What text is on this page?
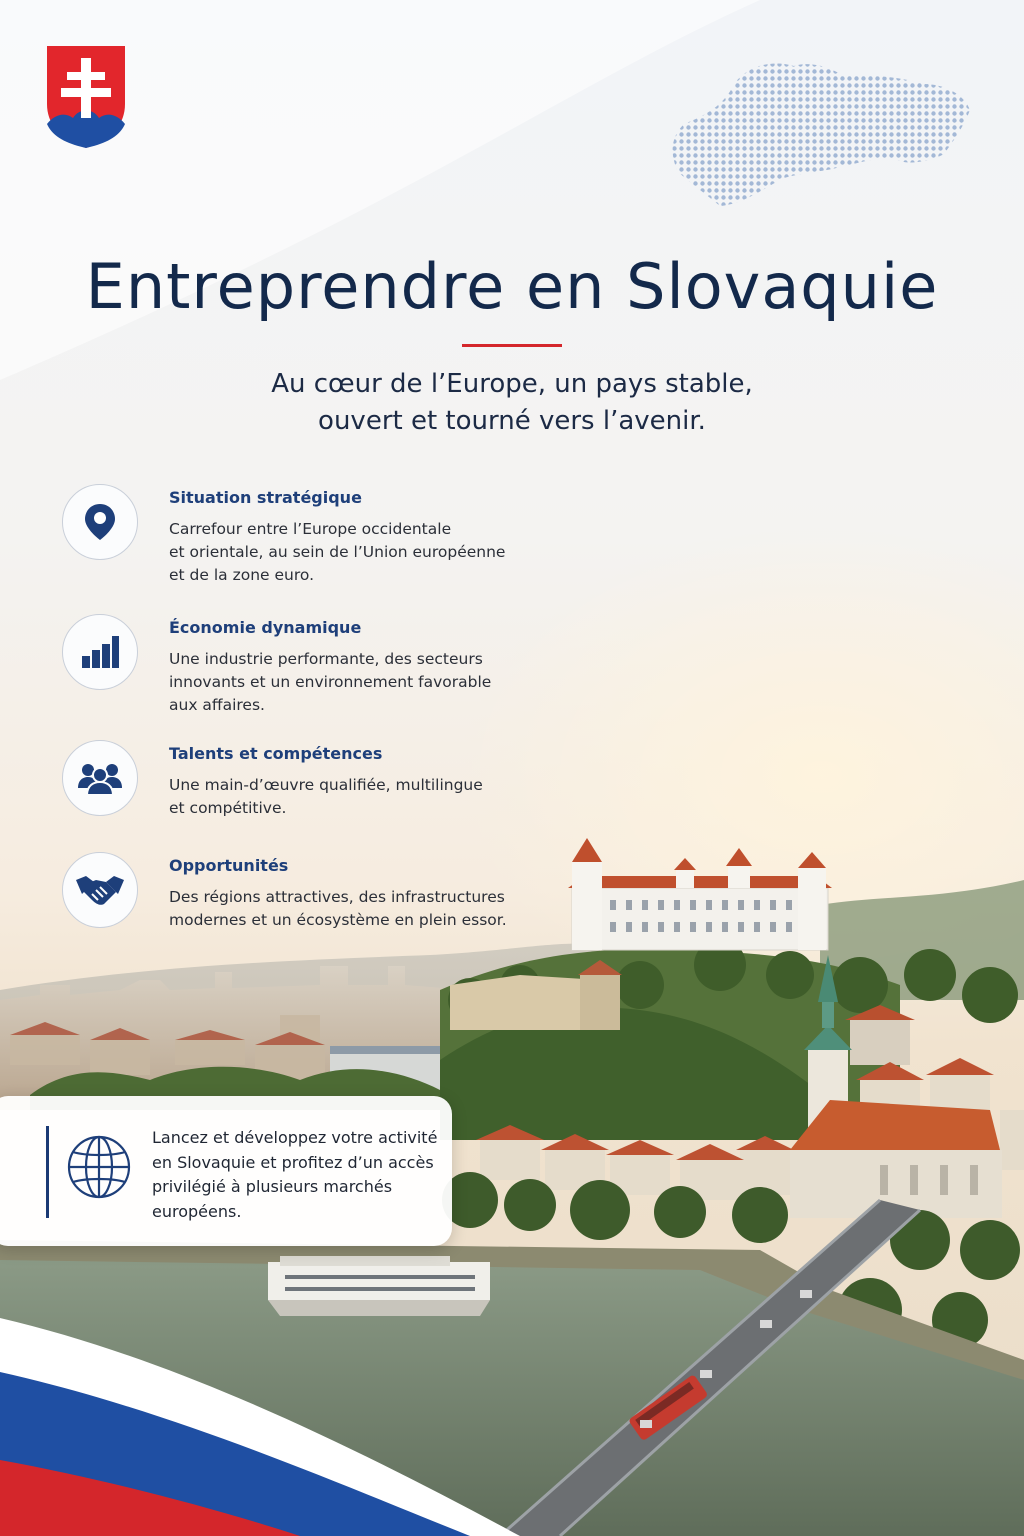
Entreprendre en Slovaquie

Au cœur de l’Europe, un pays stable,
ouvert et tourné vers l’avenir.

Situation stratégique

Carrefour entre l’Europe occidentale
et orientale, au sein de l’Union européenne
et de la zone euro.

Économie dynamique

Une industrie performante, des secteurs
innovants et un environnement favorable
aux affaires.

Talents et compétences

Une main-d’œuvre qualifiée, multilingue
et compétitive.

Opportunités

Des régions attractives, des infrastructures
modernes et un écosystème en plein essor.

Lancez et développez votre activité
en Slovaquie et profitez d’un accès
privilégié à plusieurs marchés
européens.
